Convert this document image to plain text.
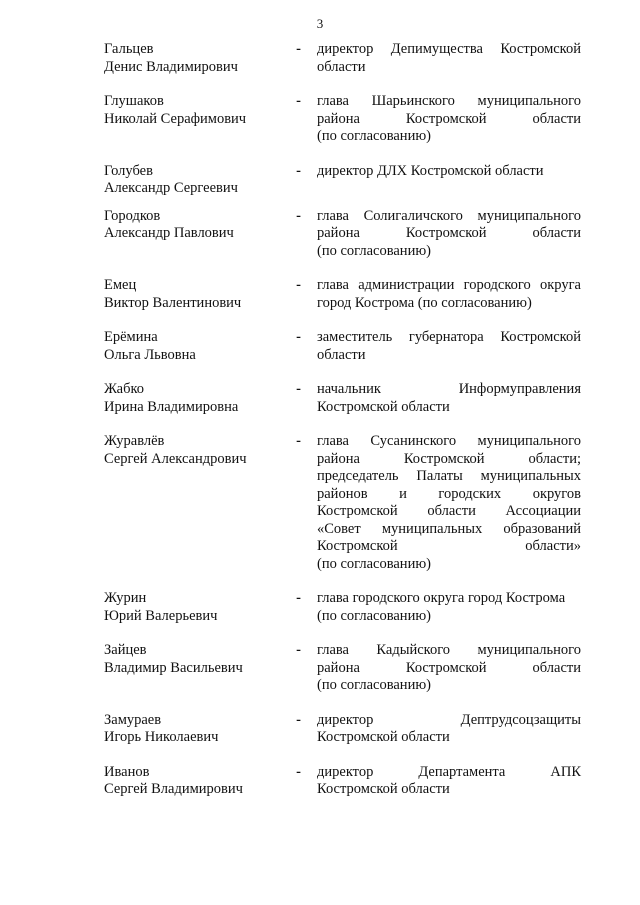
3
Гальцев
Денис Владимирович
-	директор Депимущества Костромской
области
Глушаков
Николай Серафимович
-	глава Шарьинского муниципального
района Костромской области
(по согласованию)
Голубев
Александр Сергеевич
-	директор ДЛХ Костромской области
Городков
Александр Павлович
-	глава Солигаличского муниципального
района Костромской области
(по согласованию)
Емец
Виктор Валентинович
-	глава администрации городского округа
город Кострома (по согласованию)
Ерёмина
Ольга Львовна
-	заместитель губернатора Костромской
области
Жабко
Ирина Владимировна
-	начальник Информуправления
Костромской области
Журавлёв
Сергей Александрович
-	глава Сусанинского муниципального
района Костромской области;
председатель Палаты муниципальных
районов и городских округов
Костромской области Ассоциации
«Совет муниципальных образований
Костромской области»
(по согласованию)
Журин
Юрий Валерьевич
-	глава городского округа город Кострома
(по согласованию)
Зайцев
Владимир Васильевич
-	глава Кадыйского муниципального
района Костромской области
(по согласованию)
Замураев
Игорь Николаевич
-	директор Дептрудсоцзащиты
Костромской области
Иванов
Сергей Владимирович
-	директор Департамента АПК
Костромской области
